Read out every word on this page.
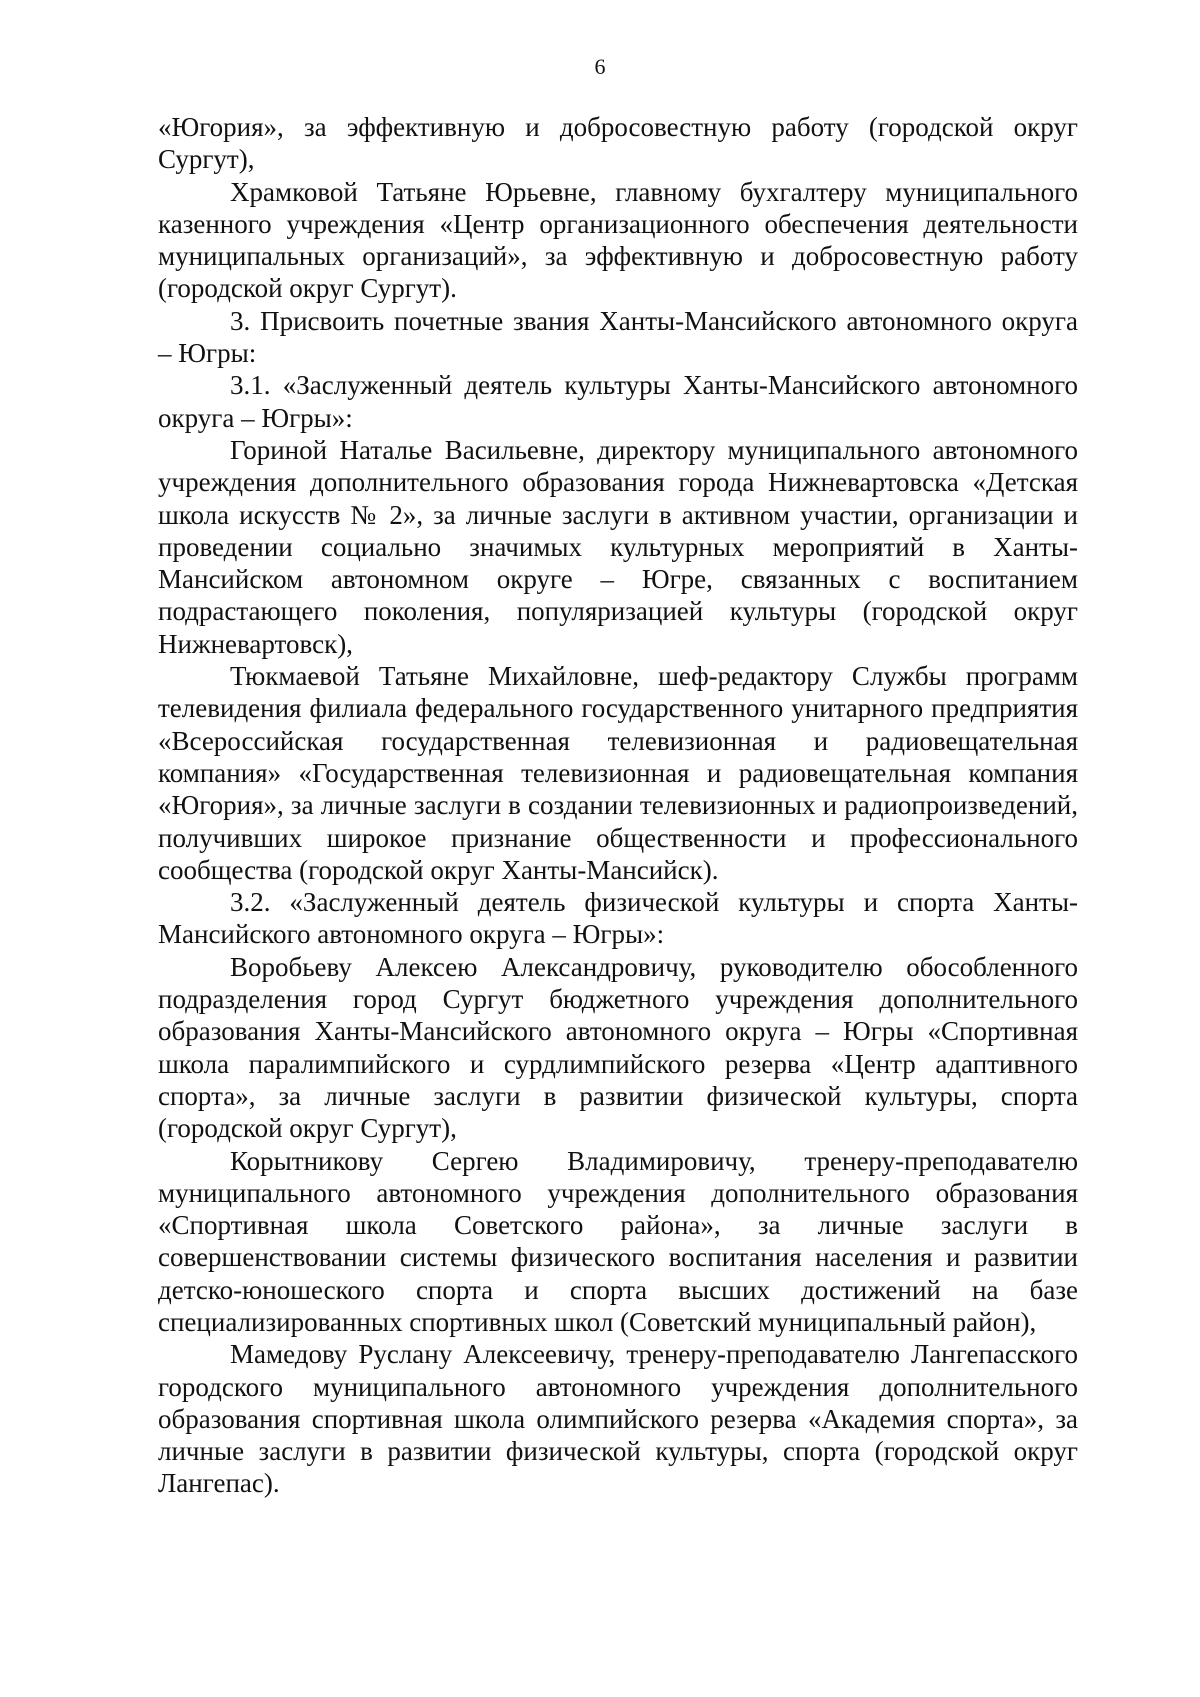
6

«Югория», за эффективную и добросовестную работу (городской округ Сургут),

Храмковой Татьяне Юрьевне, главному бухгалтеру муниципального казенного учреждения «Центр организационного обеспечения деятельности муниципальных организаций», за эффективную и добросовестную работу (городской округ Сургут).

3. Присвоить почетные звания Ханты-Мансийского автономного округа – Югры:

3.1. «Заслуженный деятель культуры Ханты-Мансийского автономного округа – Югры»:

Гориной Наталье Васильевне, директору муниципального автономного учреждения дополнительного образования города Нижневартовска «Детская школа искусств № 2», за личные заслуги в активном участии, организации и проведении социально значимых культурных мероприятий в Ханты-Мансийском автономном округе – Югре, связанных с воспитанием подрастающего поколения, популяризацией культуры (городской округ Нижневартовск),

Тюкмаевой Татьяне Михайловне, шеф-редактору Службы программ телевидения филиала федерального государственного унитарного предприятия «Всероссийская государственная телевизионная и радиовещательная компания» «Государственная телевизионная и радиовещательная компания «Югория», за личные заслуги в создании телевизионных и радиопроизведений, получивших широкое признание общественности и профессионального сообщества (городской округ Ханты-Мансийск).

3.2. «Заслуженный деятель физической культуры и спорта Ханты-Мансийского автономного округа – Югры»:

Воробьеву Алексею Александровичу, руководителю обособленного подразделения город Сургут бюджетного учреждения дополнительного образования Ханты-Мансийского автономного округа – Югры «Спортивная школа паралимпийского и сурдлимпийского резерва «Центр адаптивного спорта», за личные заслуги в развитии физической культуры, спорта (городской округ Сургут),

Корытникову Сергею Владимировичу, тренеру-преподавателю муниципального автономного учреждения дополнительного образования «Спортивная школа Советского района», за личные заслуги в совершенствовании системы физического воспитания населения и развитии детско-юношеского спорта и спорта высших достижений на базе специализированных спортивных школ (Советский муниципальный район),

Мамедову Руслану Алексеевичу, тренеру-преподавателю Лангепасского городского муниципального автономного учреждения дополнительного образования спортивная школа олимпийского резерва «Академия спорта», за личные заслуги в развитии физической культуры, спорта (городской округ Лангепас).
